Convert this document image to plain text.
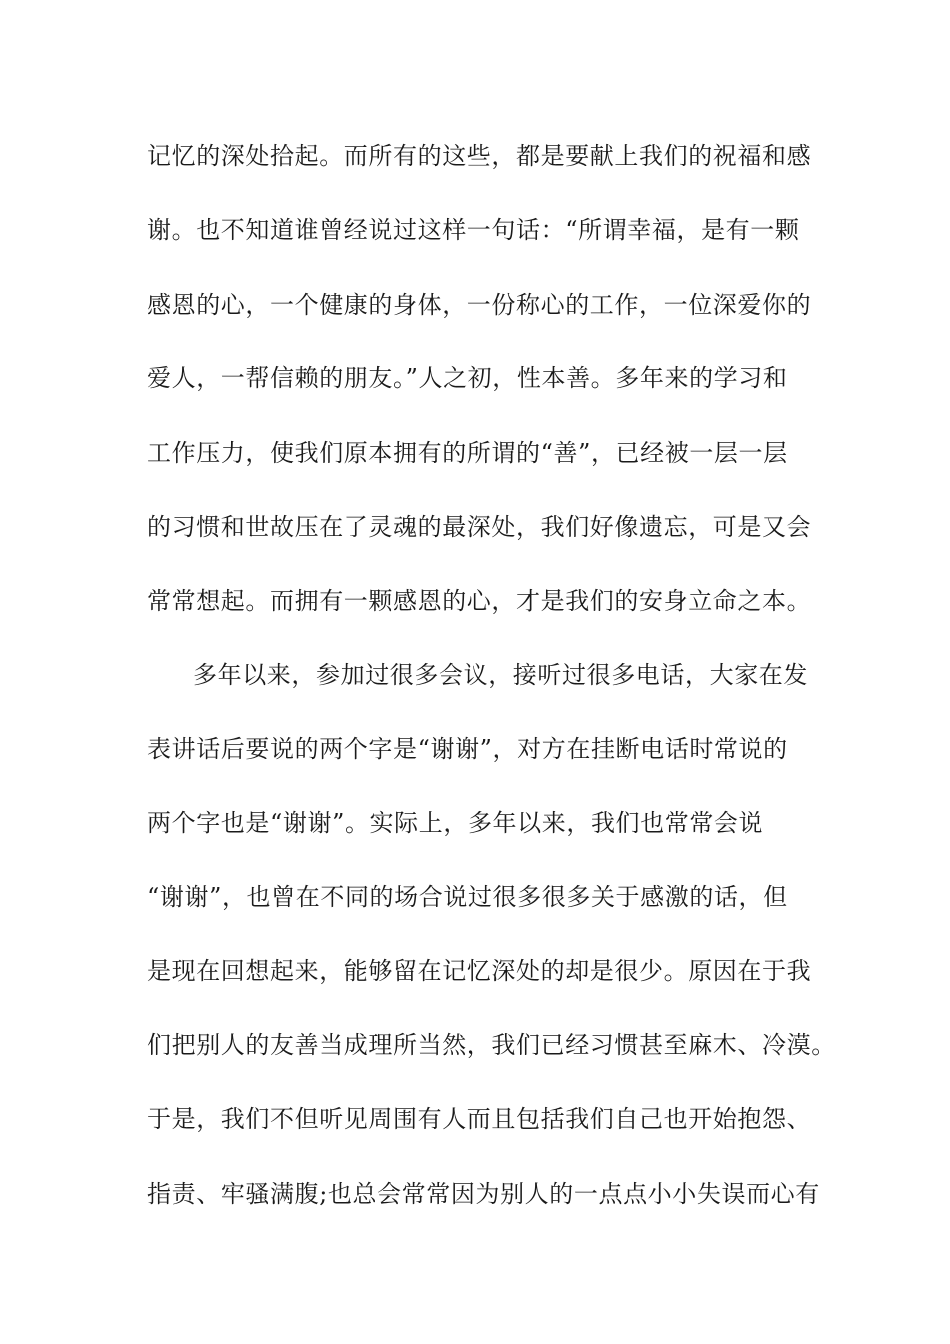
记忆的深处拾起。而所有的这些，都是要献上我们的祝福和感
谢。也不知道谁曾经说过这样一句话：“所谓幸福，是有一颗
感恩的心，一个健康的身体，一份称心的工作，一位深爱你的
爱人，一帮信赖的朋友。”人之初，性本善。多年来的学习和
工作压力，使我们原本拥有的所谓的“善”，已经被一层一层
的习惯和世故压在了灵魂的最深处，我们好像遗忘，可是又会
常常想起。而拥有一颗感恩的心，才是我们的安身立命之本。
多年以来，参加过很多会议，接听过很多电话，大家在发
表讲话后要说的两个字是“谢谢”，对方在挂断电话时常说的
两个字也是“谢谢”。实际上，多年以来，我们也常常会说
“谢谢”，也曾在不同的场合说过很多很多关于感激的话，但
是现在回想起来，能够留在记忆深处的却是很少。原因在于我
们把别人的友善当成理所当然，我们已经习惯甚至麻木、冷漠。
于是，我们不但听见周围有人而且包括我们自己也开始抱怨、
指责、牢骚满腹;也总会常常因为别人的一点点小小失误而心有
